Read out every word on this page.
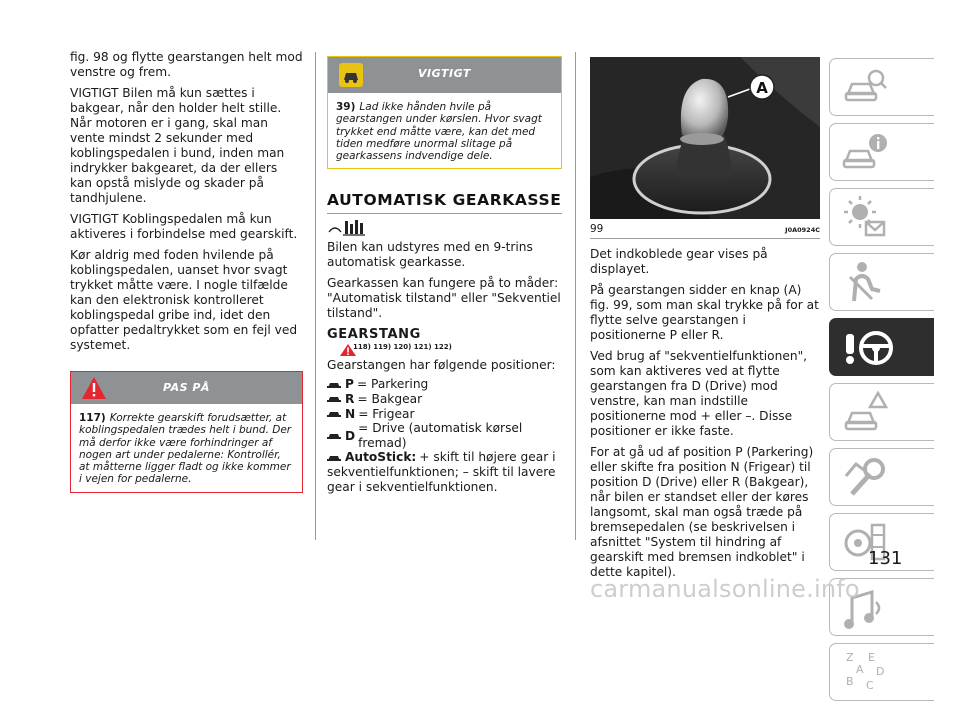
fig. 98 og flytte gearstangen helt mod venstre og frem.

VIGTIGT Bilen må kun sættes i bakgear, når den holder helt stille. Når motoren er i gang, skal man vente mindst 2 sekunder med koblingspedalen i bund, inden man indrykker bakgearet, da der ellers kan opstå mislyde og skader på tandhjulene.

VIGTIGT Koblingspedalen må kun aktiveres i forbindelse med gearskift.

Kør aldrig med foden hvilende på koblingspedalen, uanset hvor svagt trykket måtte være. I nogle tilfælde kan den elektronisk kontrolleret koblingspedal gribe ind, idet den opfatter pedaltrykket som en fejl ved systemet.

PAS PÅ
117) Korrekte gearskift forudsætter, at koblingspedalen trædes helt i bund. Der må derfor ikke være forhindringer af nogen art under pedalerne: Kontrollér, at måtterne ligger fladt og ikke kommer i vejen for pedalerne.
VIGTIGT
39) Lad ikke hånden hvile på gearstangen under kørslen. Hvor svagt trykket end måtte være, kan det med tiden medføre unormal slitage på gearkassens indvendige dele.
AUTOMATISK GEARKASSE

Bilen kan udstyres med en 9-trins automatisk gearkasse.

Gearkassen kan fungere på to måder: "Automatisk tilstand" eller "Sekventiel tilstand".

GEARSTANG
118) 119) 120) 121) 122)

Gearstangen har følgende positioner:

P = Parkering
R = Bakgear
N = Frigear
D
= Drive (automatisk kørsel fremad)
AutoStick: + skift til højere gear i

sekventielfunktionen; – skift til lavere gear i sekventielfunktionen.

A
99	J0A0924C

Det indkoblede gear vises på displayet.

På gearstangen sidder en knap (A) fig. 99, som man skal trykke på for at flytte selve gearstangen i positionerne P eller R.

Ved brug af "sekventielfunktionen", som kan aktiveres ved at flytte gearstangen fra D (Drive) mod venstre, kan man indstille positionerne mod + eller –. Disse positioner er ikke faste.

For at gå ud af position P (Parkering) eller skifte fra position N (Frigear) til position D (Drive) eller R (Bakgear), når bilen er standset eller der køres langsomt, skal man også træde på bremsepedalen (se beskrivelsen i afsnittet "System til hindring af gearskift med bremsen indkoblet" i dette kapitel).

Z E
A D
B C
131
carmanualsonline.info
